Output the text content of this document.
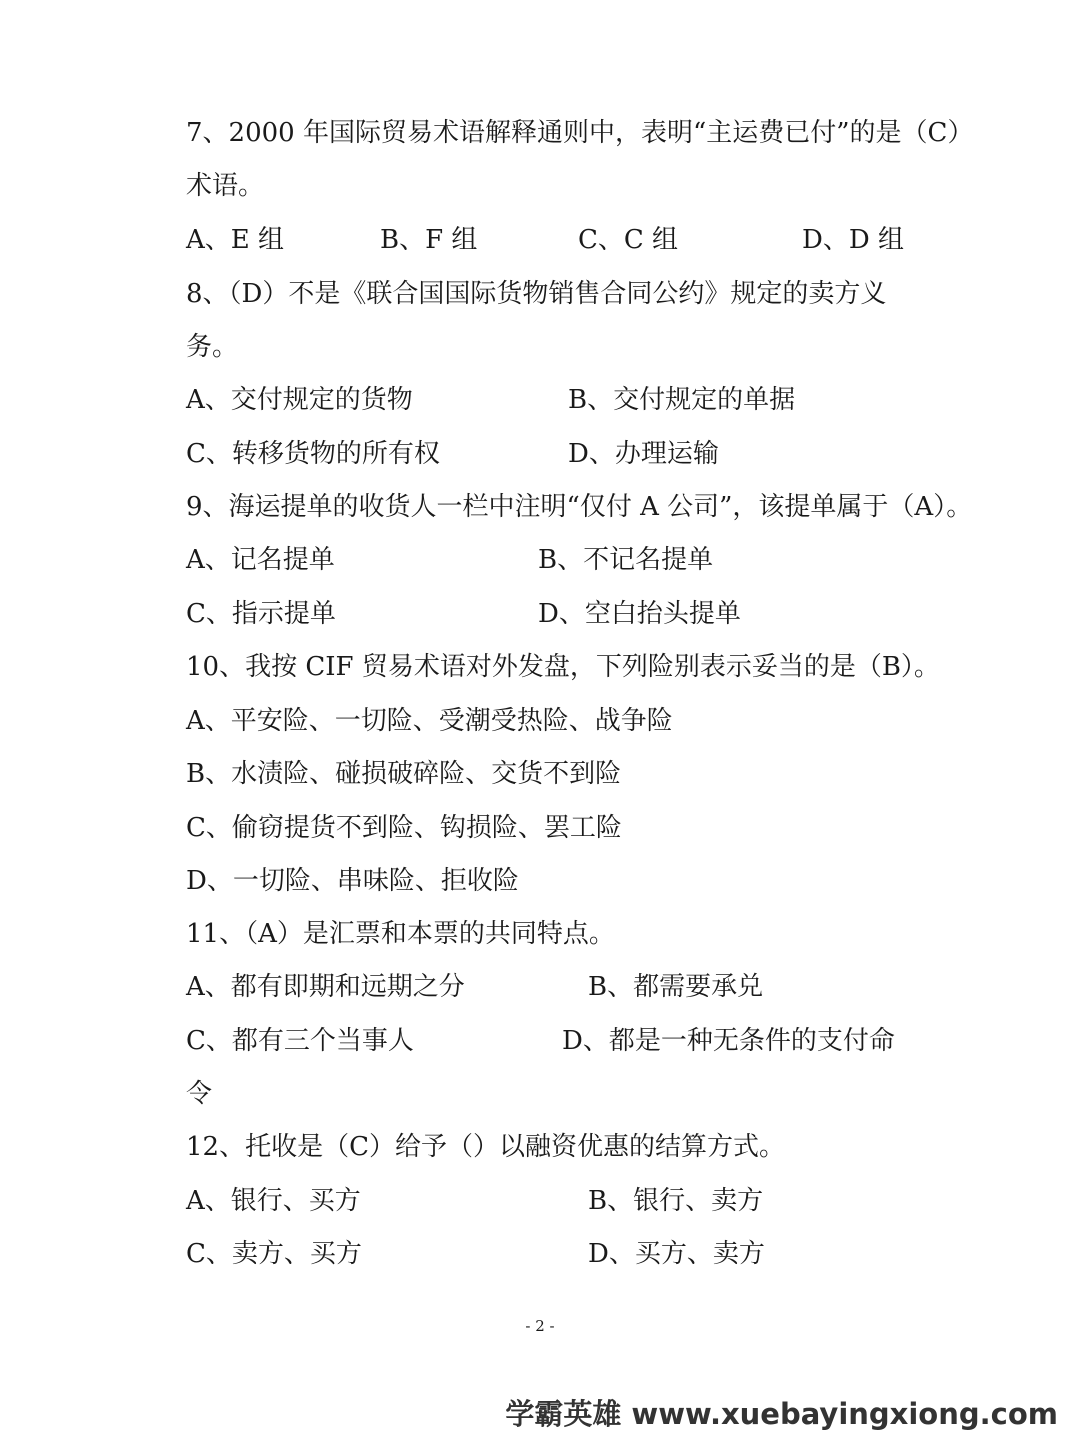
7、2000 年国际贸易术语解释通则中，表明“主运费已付”的是（C）
术语。
A、E 组	B、F 组	C、C 组	D、D 组
8、（D）不是《联合国国际货物销售合同公约》规定的卖方义
务。
A、交付规定的货物	B、交付规定的单据
C、转移货物的所有权	D、办理运输
9、海运提单的收货人一栏中注明“仅付 A 公司”，该提单属于（A）。
A、记名提单	B、不记名提单
C、指示提单	D、空白抬头提单
10、我按 CIF 贸易术语对外发盘，下列险别表示妥当的是（B）。
A、平安险、一切险、受潮受热险、战争险
B、水渍险、碰损破碎险、交货不到险
C、偷窃提货不到险、钩损险、罢工险
D、一切险、串味险、拒收险
11、（A）是汇票和本票的共同特点。
A、都有即期和远期之分	B、都需要承兑
C、都有三个当事人	D、都是一种无条件的支付命
令
12、托收是（C）给予（）以融资优惠的结算方式。
A、银行、买方	B、银行、卖方
C、卖方、买方	D、买方、卖方
- 2 -
学霸英雄 www.xuebayingxiong.com
